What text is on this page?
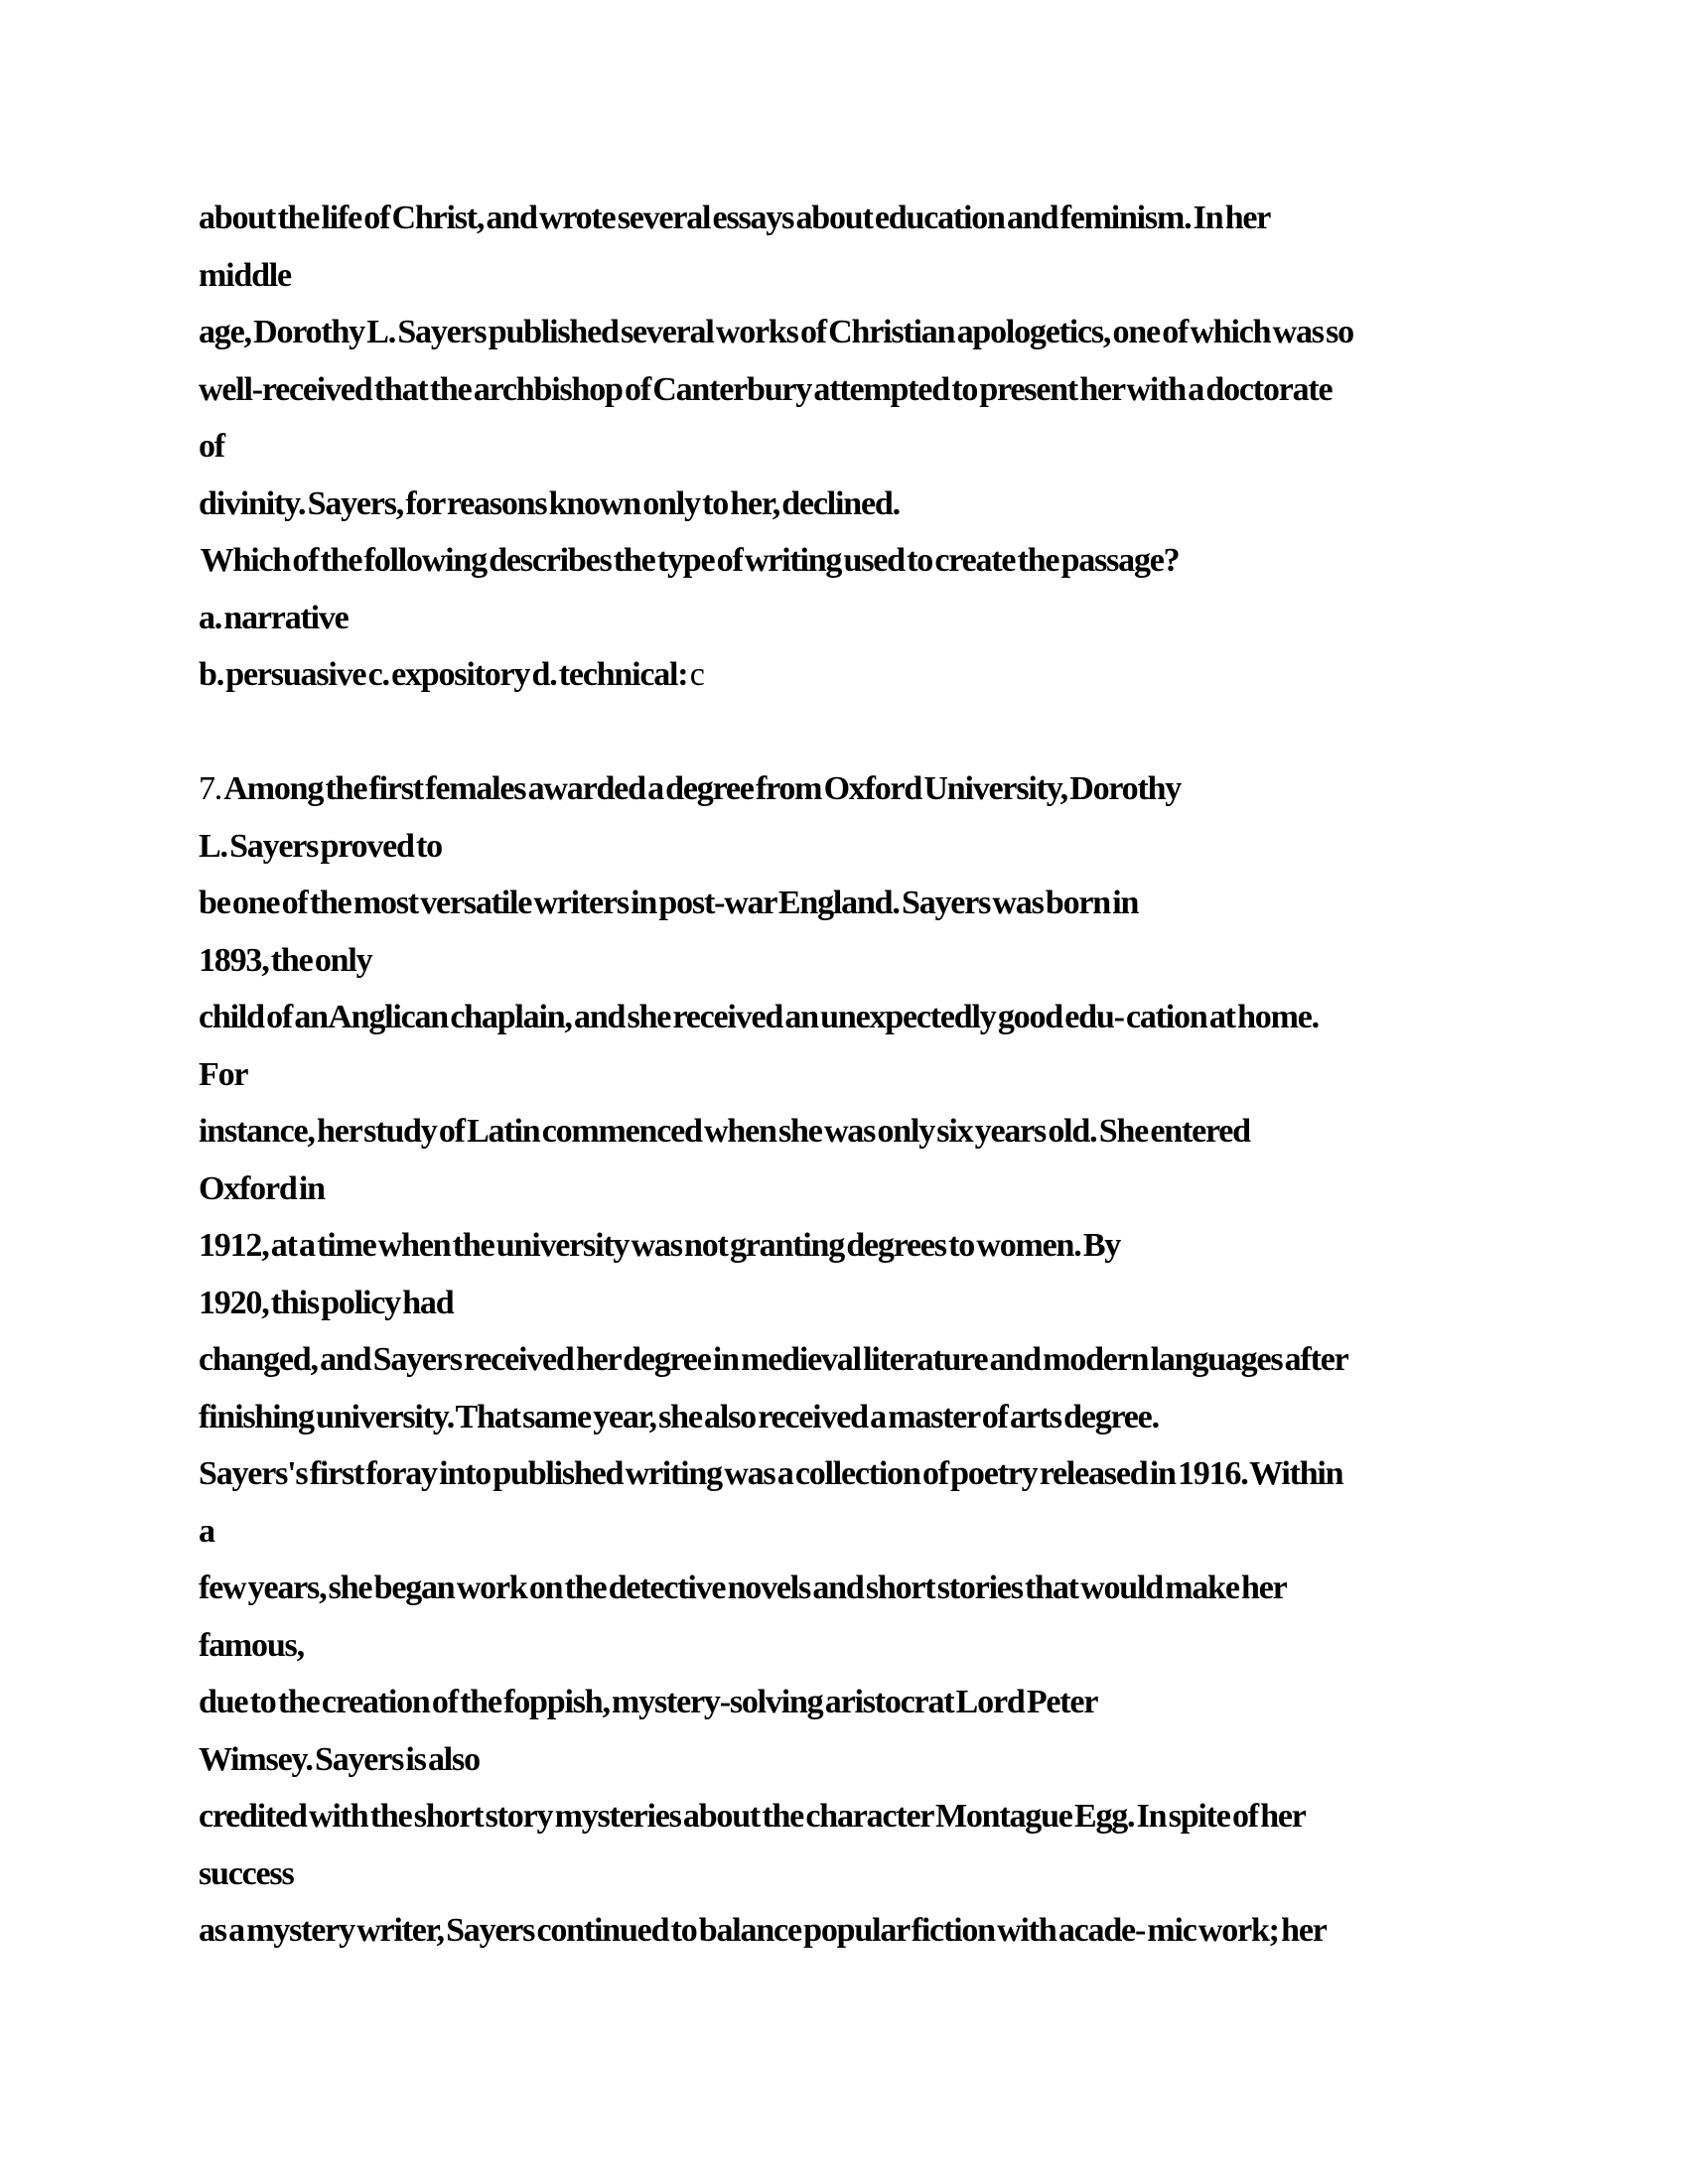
about the life of Christ, and wrote several essays about education and feminism. In her
middle
age, Dorothy L. Sayers published several works of Christian apologetics, one of which was so
well-received that the archbishop of Canterbury attempted to present her with a doctorate
of
divinity. Sayers, for reasons known only to her, declined.
Which of the following describes the type of writing used to create the passage?
a. narrative
b. persuasive c. expository d. technical: c
7. Among the first females awarded a degree from Oxford University, Dorothy
L. Sayers proved to
be one of the most versatile writers in post-war England. Sayers was born in
1893, the only
child of an Anglican chaplain, and she received an unexpectedly good edu- cation at home.
For
instance, her study of Latin commenced when she was only six years old. She entered
Oxford in
1912, at a time when the university was not granting degrees to women. By
1920, this policy had
changed, and Sayers received her degree in medieval literature and modern languages after
finishing university. That same year, she also received a master of arts degree.
Sayers's first foray into published writing was a collection of poetry released in 1916. Within
a
few years, she began work on the detective novels and short stories that would make her
famous,
due to the creation of the foppish, mystery-solving aristocrat Lord Peter
Wimsey. Sayers is also
credited with the short story mysteries about the character Montague Egg. In spite of her
success
as a mystery writer, Sayers continued to balance popular fiction with acade- mic work; her
